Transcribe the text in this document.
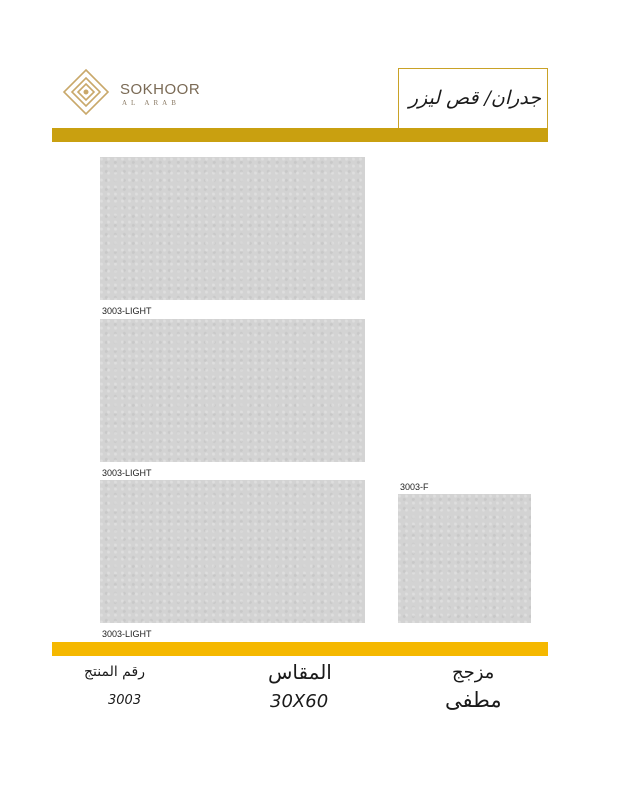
SOKHOOR
AL ARAB	جدران/ قص ليزر
3003-LIGHT
3003-LIGHT
3003-LIGHT
3003-F
رقم المنتج
3003
المقاس
30X60
مزجج
مطفى
